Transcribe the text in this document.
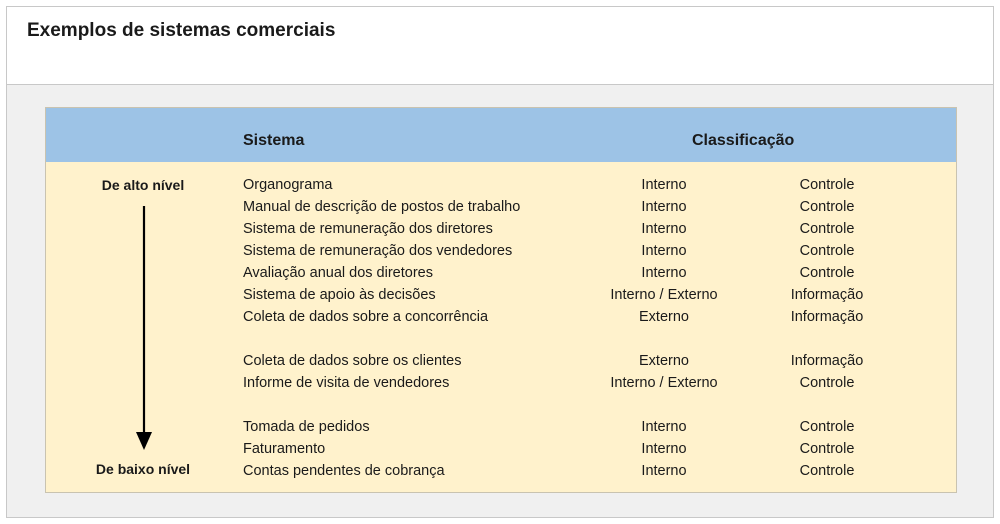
Exemplos de sistemas comerciais
Sistema	Classificação
De alto nível
De baixo nível
Organograma	Interno	Controle
Manual de descrição de postos de trabalho	Interno	Controle
Sistema de remuneração dos diretores	Interno	Controle
Sistema de remuneração dos vendedores	Interno	Controle
Avaliação anual dos diretores	Interno	Controle
Sistema de apoio às decisões	Interno / Externo	Informação
Coleta de dados sobre a concorrência	Externo	Informação
Coleta de dados sobre os clientes	Externo	Informação
Informe de visita de vendedores	Interno / Externo	Controle
Tomada de pedidos	Interno	Controle
Faturamento	Interno	Controle
Contas pendentes de cobrança	Interno	Controle
